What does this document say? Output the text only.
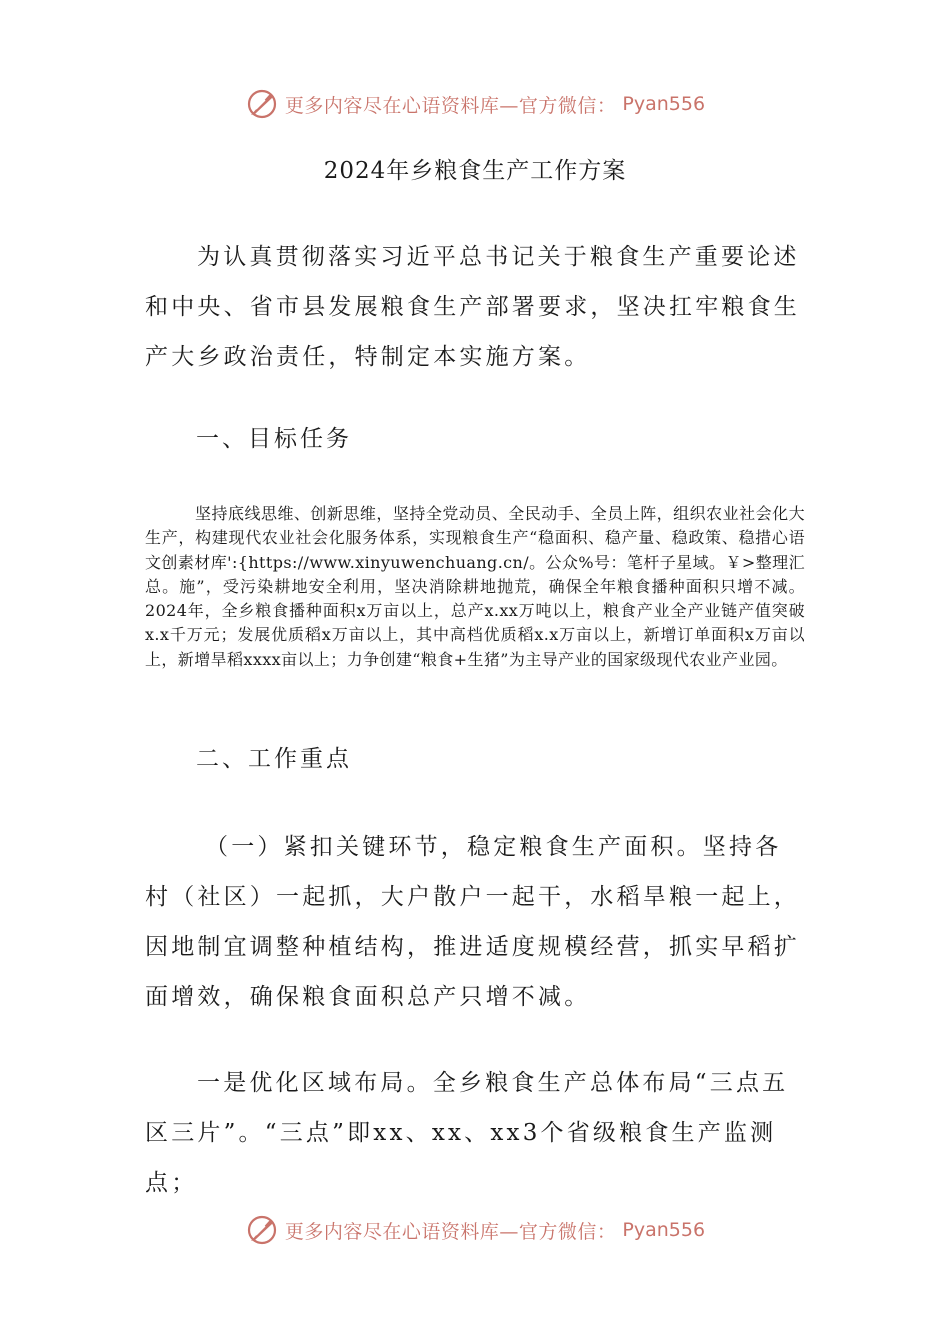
更多内容尽在心语资料库—官方微信： Pyan556
2024年乡粮食生产工作方案

为认真贯彻落实习近平总书记关于粮食生产重要论述和中央、省市县发展粮食生产部署要求，坚决扛牢粮食生产大乡政治责任，特制定本实施方案。

一、目标任务

坚持底线思维、创新思维，坚持全党动员、全民动手、全员上阵，组织农业社会化大生产，构建现代农业社会化服务体系，实现粮食生产“稳面积、稳产量、稳政策、稳措心语文创素材库':{https://www.xinyuwenchuang.cn/。公众%号：笔杆子星域。￥>整理汇总。施”，受污染耕地安全利用，坚决消除耕地抛荒，确保全年粮食播种面积只增不减。2024年，全乡粮食播种面积x万亩以上，总产x.xx万吨以上，粮食产业全产业链产值突破x.x千万元；发展优质稻x万亩以上，其中高档优质稻x.x万亩以上，新增订单面积x万亩以上，新增旱稻xxxx亩以上；力争创建“粮食+生猪”为主导产业的国家级现代农业产业园。

二、工作重点

（一）紧扣关键环节，稳定粮食生产面积。坚持各村（社区）一起抓，大户散户一起干，水稻旱粮一起上，因地制宜调整种植结构，推进适度规模经营，抓实早稻扩面增效，确保粮食面积总产只增不减。

一是优化区域布局。全乡粮食生产总体布局“三点五区三片”。“三点”即xx、xx、xx3个省级粮食生产监测点；

更多内容尽在心语资料库—官方微信： Pyan556
